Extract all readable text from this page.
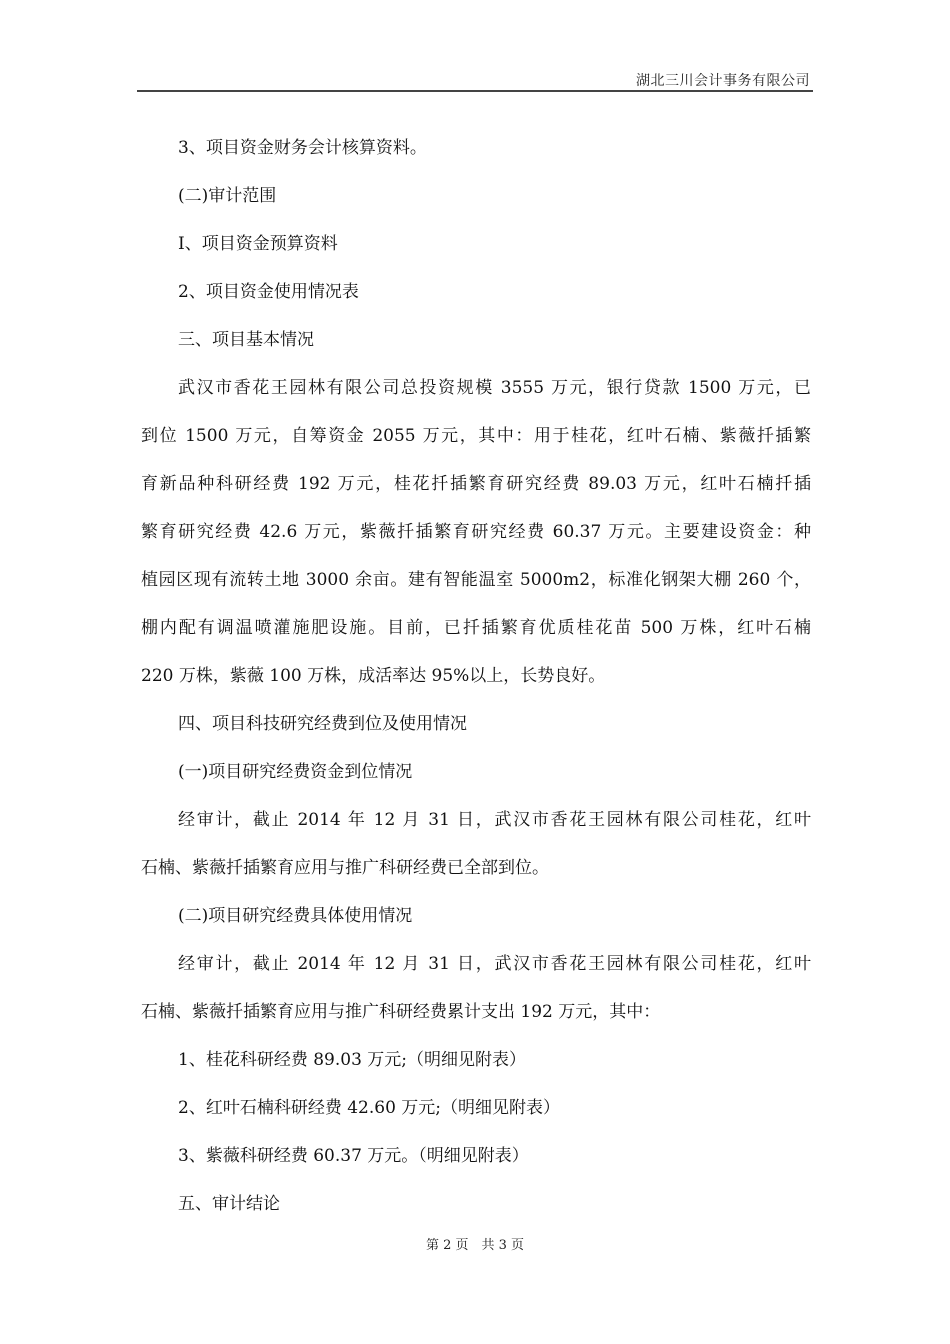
湖北三川会计事务有限公司
3、项目资金财务会计核算资料。
(二)审计范围
I、项目资金预算资料
2、项目资金使用情况表
三、项目基本情况
武汉市香花王园林有限公司总投资规模 3555 万元，银行贷款 1500 万元，已
到位 1500 万元，自筹资金 2055 万元，其中：用于桂花，红叶石楠、紫薇扦插繁
育新品种科研经费 192 万元，桂花扦插繁育研究经费 89.03 万元，红叶石楠扦插
繁育研究经费 42.6 万元，紫薇扦插繁育研究经费 60.37 万元。主要建设资金：种
植园区现有流转土地 3000 余亩。建有智能温室 5000m2，标准化钢架大棚 260 个，
棚内配有调温喷灌施肥设施。目前，已扦插繁育优质桂花苗 500 万株，红叶石楠
220 万株，紫薇 100 万株，成活率达 95%以上，长势良好。
四、项目科技研究经费到位及使用情况
(一)项目研究经费资金到位情况
经审计，截止 2014 年 12 月 31 日，武汉市香花王园林有限公司桂花，红叶
石楠、紫薇扦插繁育应用与推广科研经费已全部到位。
(二)项目研究经费具体使用情况
经审计，截止 2014 年 12 月 31 日，武汉市香花王园林有限公司桂花，红叶
石楠、紫薇扦插繁育应用与推广科研经费累计支出 192 万元，其中：
1、桂花科研经费 89.03 万元;（明细见附表）
2、红叶石楠科研经费 42.60 万元;（明细见附表）
3、紫薇科研经费 60.37 万元。（明细见附表）
五、审计结论
第 2 页　共 3 页
